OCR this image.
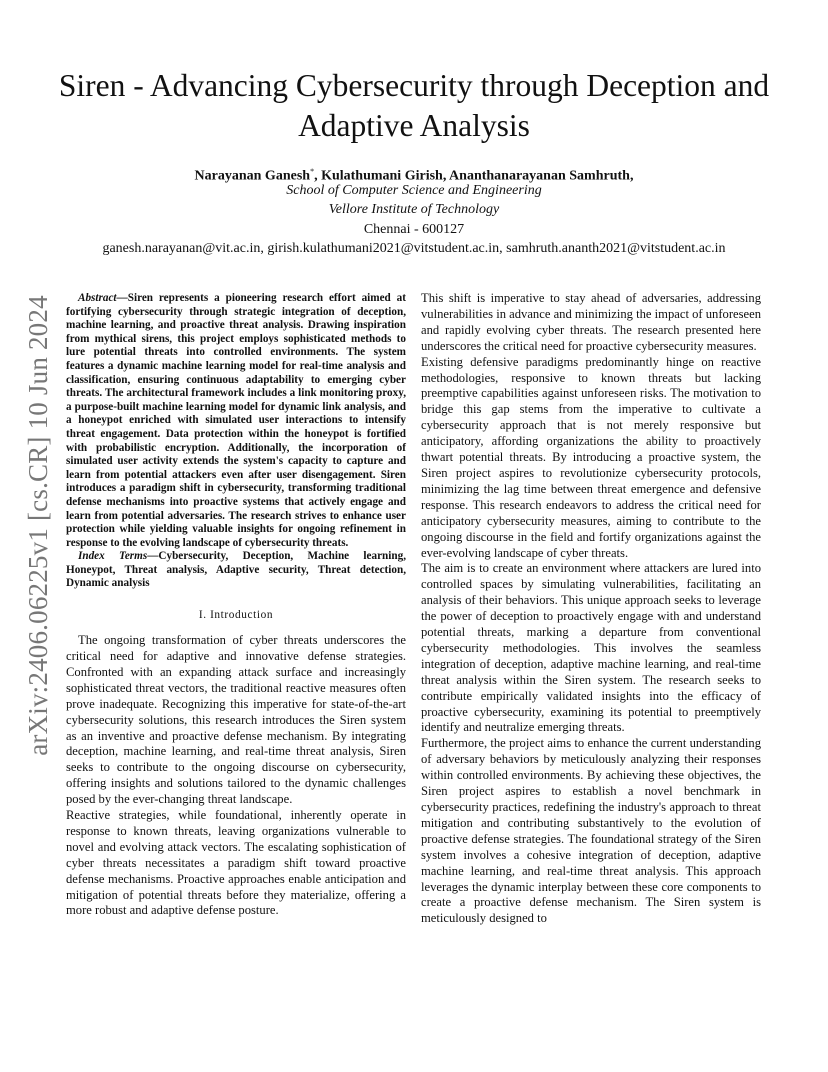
arXiv:2406.06225v1 [cs.CR] 10 Jun 2024
Siren - Advancing Cybersecurity through Deception and Adaptive Analysis
Narayanan Ganesh*, Kulathumani Girish, Ananthanarayanan Samhruth,
School of Computer Science and Engineering
Vellore Institute of Technology
Chennai - 600127
ganesh.narayanan@vit.ac.in, girish.kulathumani2021@vitstudent.ac.in, samhruth.ananth2021@vitstudent.ac.in

Abstract—Siren represents a pioneering research effort aimed at fortifying cybersecurity through strategic integration of deception, machine learning, and proactive threat analysis. Drawing inspiration from mythical sirens, this project employs sophisticated methods to lure potential threats into controlled environments. The system features a dynamic machine learning model for real-time analysis and classification, ensuring continuous adaptability to emerging cyber threats. The architectural framework includes a link monitoring proxy, a purpose-built machine learning model for dynamic link analysis, and a honeypot enriched with simulated user interactions to intensify threat engagement. Data protection within the honeypot is fortified with probabilistic encryption. Additionally, the incorporation of simulated user activity extends the system's capacity to capture and learn from potential attackers even after user disengagement. Siren introduces a paradigm shift in cybersecurity, transforming traditional defense mechanisms into proactive systems that actively engage and learn from potential adversaries. The research strives to enhance user protection while yielding valuable insights for ongoing refinement in response to the evolving landscape of cybersecurity threats.

Index Terms—Cybersecurity, Deception, Machine learning, Honeypot, Threat analysis, Adaptive security, Threat detection, Dynamic analysis

I. Introduction

The ongoing transformation of cyber threats underscores the critical need for adaptive and innovative defense strategies. Confronted with an expanding attack surface and increasingly sophisticated threat vectors, the traditional reactive measures often prove inadequate. Recognizing this imperative for state-of-the-art cybersecurity solutions, this research introduces the Siren system as an inventive and proactive defense mechanism. By integrating deception, machine learning, and real-time threat analysis, Siren seeks to contribute to the ongoing discourse on cybersecurity, offering insights and solutions tailored to the dynamic challenges posed by the ever-changing threat landscape.

Reactive strategies, while foundational, inherently operate in response to known threats, leaving organizations vulnerable to novel and evolving attack vectors. The escalating sophistication of cyber threats necessitates a paradigm shift toward proactive defense mechanisms. Proactive approaches enable anticipation and mitigation of potential threats before they materialize, offering a more robust and adaptive defense posture.

This shift is imperative to stay ahead of adversaries, addressing vulnerabilities in advance and minimizing the impact of unforeseen and rapidly evolving cyber threats. The research presented here underscores the critical need for proactive cybersecurity measures.

Existing defensive paradigms predominantly hinge on reactive methodologies, responsive to known threats but lacking preemptive capabilities against unforeseen risks. The motivation to bridge this gap stems from the imperative to cultivate a cybersecurity approach that is not merely responsive but anticipatory, affording organizations the ability to proactively thwart potential threats. By introducing a proactive system, the Siren project aspires to revolutionize cybersecurity protocols, minimizing the lag time between threat emergence and defensive response. This research endeavors to address the critical need for anticipatory cybersecurity measures, aiming to contribute to the ongoing discourse in the field and fortify organizations against the ever-evolving landscape of cyber threats.

The aim is to create an environment where attackers are lured into controlled spaces by simulating vulnerabilities, facilitating an analysis of their behaviors. This unique approach seeks to leverage the power of deception to proactively engage with and understand potential threats, marking a departure from conventional cybersecurity methodologies. This involves the seamless integration of deception, adaptive machine learning, and real-time threat analysis within the Siren system. The research seeks to contribute empirically validated insights into the efficacy of proactive cybersecurity, examining its potential to preemptively identify and neutralize emerging threats.

Furthermore, the project aims to enhance the current understanding of adversary behaviors by meticulously analyzing their responses within controlled environments. By achieving these objectives, the Siren project aspires to establish a novel benchmark in cybersecurity practices, redefining the industry's approach to threat mitigation and contributing substantively to the evolution of proactive defense strategies. The foundational strategy of the Siren system involves a cohesive integration of deception, adaptive machine learning, and real-time threat analysis. This approach leverages the dynamic interplay between these core components to create a proactive defense mechanism. The Siren system is meticulously designed to
